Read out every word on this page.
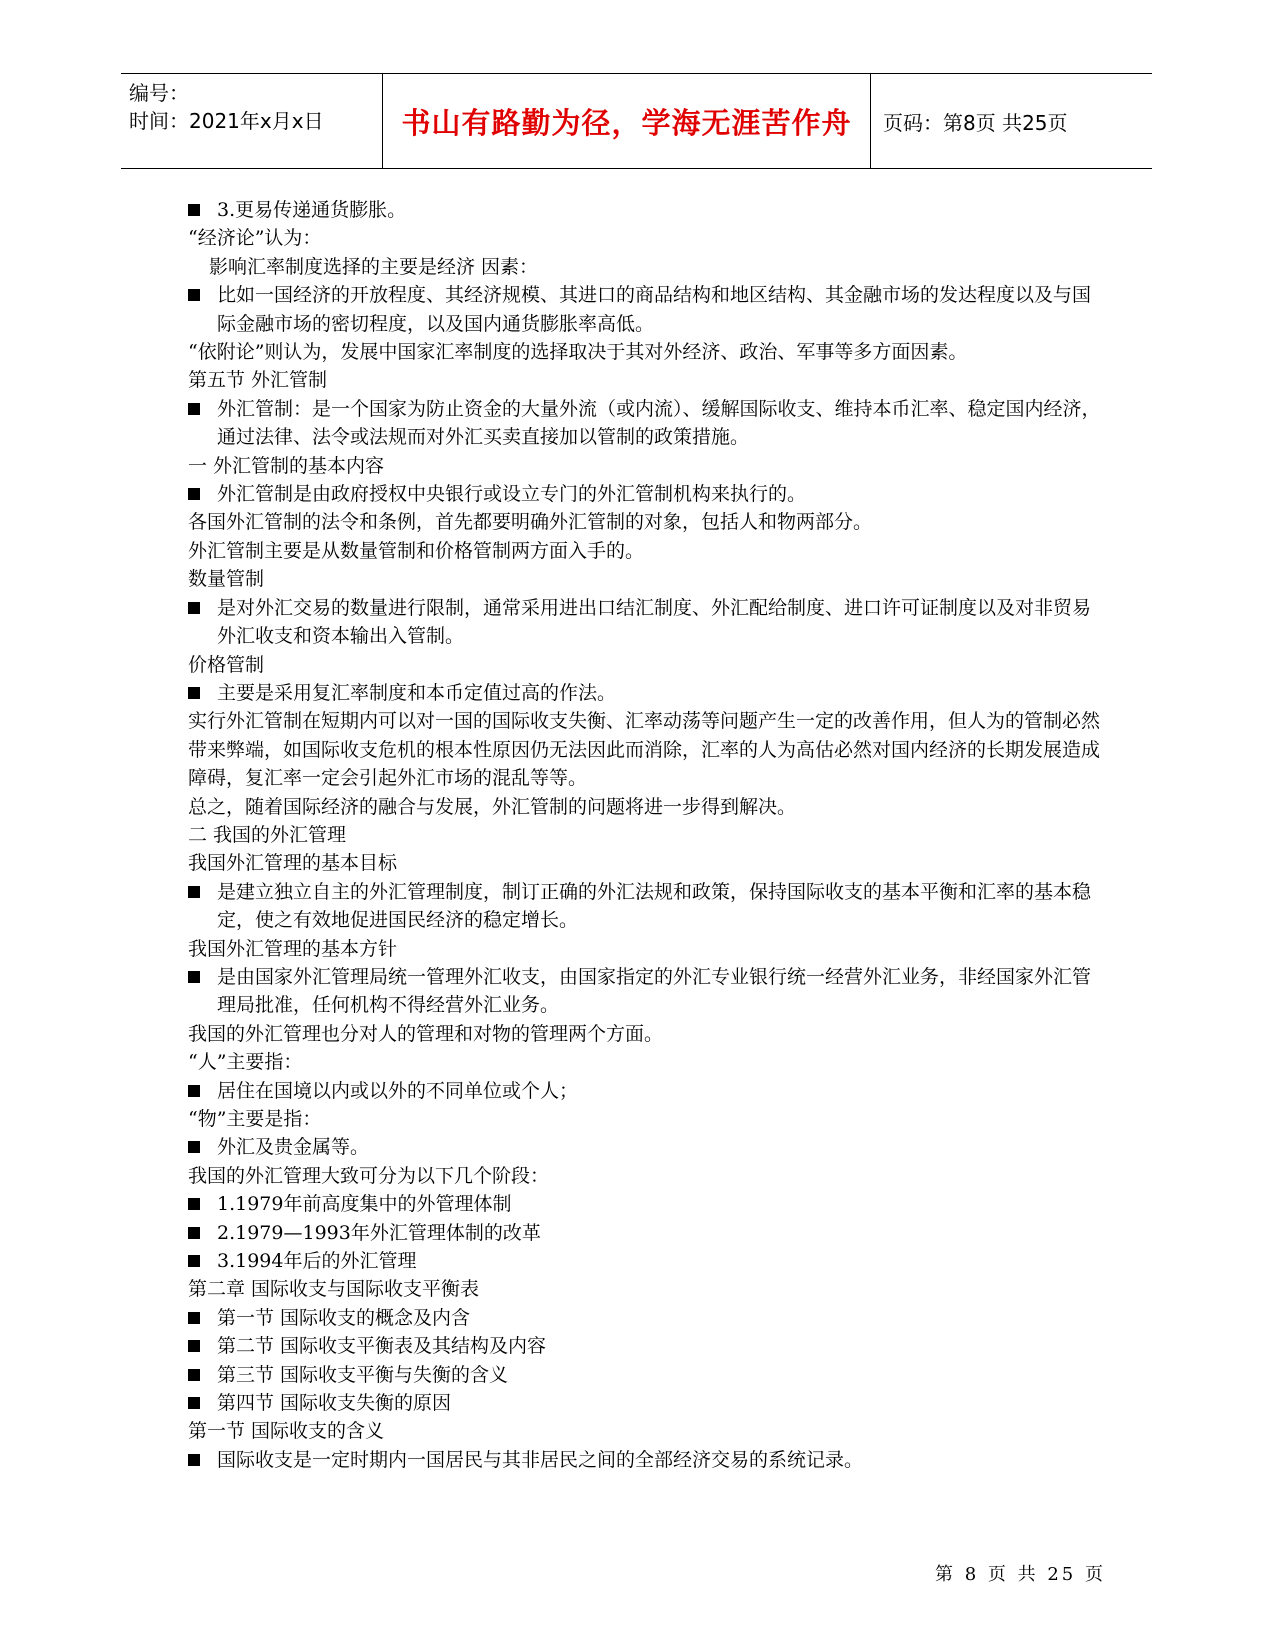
编号：
时间：2021年x月x日	书山有路勤为径，学海无涯苦作舟	页码：第8页 共25页
3.更易传递通货膨胀。
“经济论”认为：
影响汇率制度选择的主要是经济 因素：
比如一国经济的开放程度、其经济规模、其进口的商品结构和地区结构、其金融市场的发达程度以及与国际金融市场的密切程度，以及国内通货膨胀率高低。
“依附论”则认为，发展中国家汇率制度的选择取决于其对外经济、政治、军事等多方面因素。
第五节 外汇管制
外汇管制：是一个国家为防止资金的大量外流（或内流）、缓解国际收支、维持本币汇率、稳定国内经济，通过法律、法令或法规而对外汇买卖直接加以管制的政策措施。
一 外汇管制的基本内容
外汇管制是由政府授权中央银行或设立专门的外汇管制机构来执行的。
各国外汇管制的法令和条例，首先都要明确外汇管制的对象，包括人和物两部分。
外汇管制主要是从数量管制和价格管制两方面入手的。
数量管制
是对外汇交易的数量进行限制，通常采用进出口结汇制度、外汇配给制度、进口许可证制度以及对非贸易外汇收支和资本输出入管制。
价格管制
主要是采用复汇率制度和本币定值过高的作法。
实行外汇管制在短期内可以对一国的国际收支失衡、汇率动荡等问题产生一定的改善作用，但人为的管制必然带来弊端，如国际收支危机的根本性原因仍无法因此而消除，汇率的人为高估必然对国内经济的长期发展造成障碍，复汇率一定会引起外汇市场的混乱等等。
总之，随着国际经济的融合与发展，外汇管制的问题将进一步得到解决。
二 我国的外汇管理
我国外汇管理的基本目标
是建立独立自主的外汇管理制度，制订正确的外汇法规和政策，保持国际收支的基本平衡和汇率的基本稳定，使之有效地促进国民经济的稳定增长。
我国外汇管理的基本方针
是由国家外汇管理局统一管理外汇收支，由国家指定的外汇专业银行统一经营外汇业务，非经国家外汇管理局批准，任何机构不得经营外汇业务。
我国的外汇管理也分对人的管理和对物的管理两个方面。
“人”主要指：
居住在国境以内或以外的不同单位或个人；
“物”主要是指：
外汇及贵金属等。
我国的外汇管理大致可分为以下几个阶段：
1.1979年前高度集中的外管理体制
2.1979—1993年外汇管理体制的改革
3.1994年后的外汇管理
第二章 国际收支与国际收支平衡表
第一节 国际收支的概念及内含
第二节 国际收支平衡表及其结构及内容
第三节 国际收支平衡与失衡的含义
第四节 国际收支失衡的原因
第一节 国际收支的含义
国际收支是一定时期内一国居民与其非居民之间的全部经济交易的系统记录。
第 8 页 共 25 页
